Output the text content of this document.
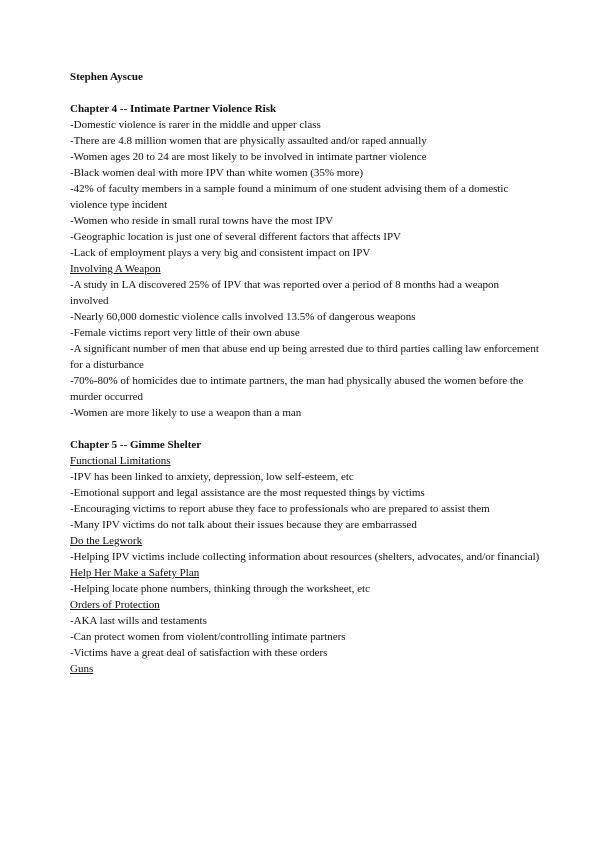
Stephen Ayscue
Chapter 4 -- Intimate Partner Violence Risk
-Domestic violence is rarer in the middle and upper class
-There are 4.8 million women that are physically assaulted and/or raped annually
-Women ages 20 to 24 are most likely to be involved in intimate partner violence
-Black women deal with more IPV than white women (35% more)
-42% of faculty members in a sample found a minimum of one student advising them of a domestic violence type incident
-Women who reside in small rural towns have the most IPV
-Geographic location is just one of several different factors that affects IPV
-Lack of employment plays a very big and consistent impact on IPV
Involving A Weapon
-A study in LA discovered 25% of IPV that was reported over a period of 8 months had a weapon involved
-Nearly 60,000 domestic violence calls involved 13.5% of dangerous weapons
-Female victims report very little of their own abuse
-A significant number of men that abuse end up being arrested due to third parties calling law enforcement for a disturbance
-70%-80% of homicides due to intimate partners, the man had physically abused the women before the murder occurred
-Women are more likely to use a weapon than a man
Chapter 5 -- Gimme Shelter
Functional Limitations
-IPV has been linked to anxiety, depression, low self-esteem, etc
-Emotional support and legal assistance are the most requested things by victims
-Encouraging victims to report abuse they face to professionals who are prepared to assist them
-Many IPV victims do not talk about their issues because they are embarrassed
Do the Legwork
-Helping IPV victims include collecting information about resources (shelters, advocates, and/or financial)
Help Her Make a Safety Plan
-Helping locate phone numbers, thinking through the worksheet, etc
Orders of Protection
-AKA last wills and testaments
-Can protect women from violent/controlling intimate partners
-Victims have a great deal of satisfaction with these orders
Guns
